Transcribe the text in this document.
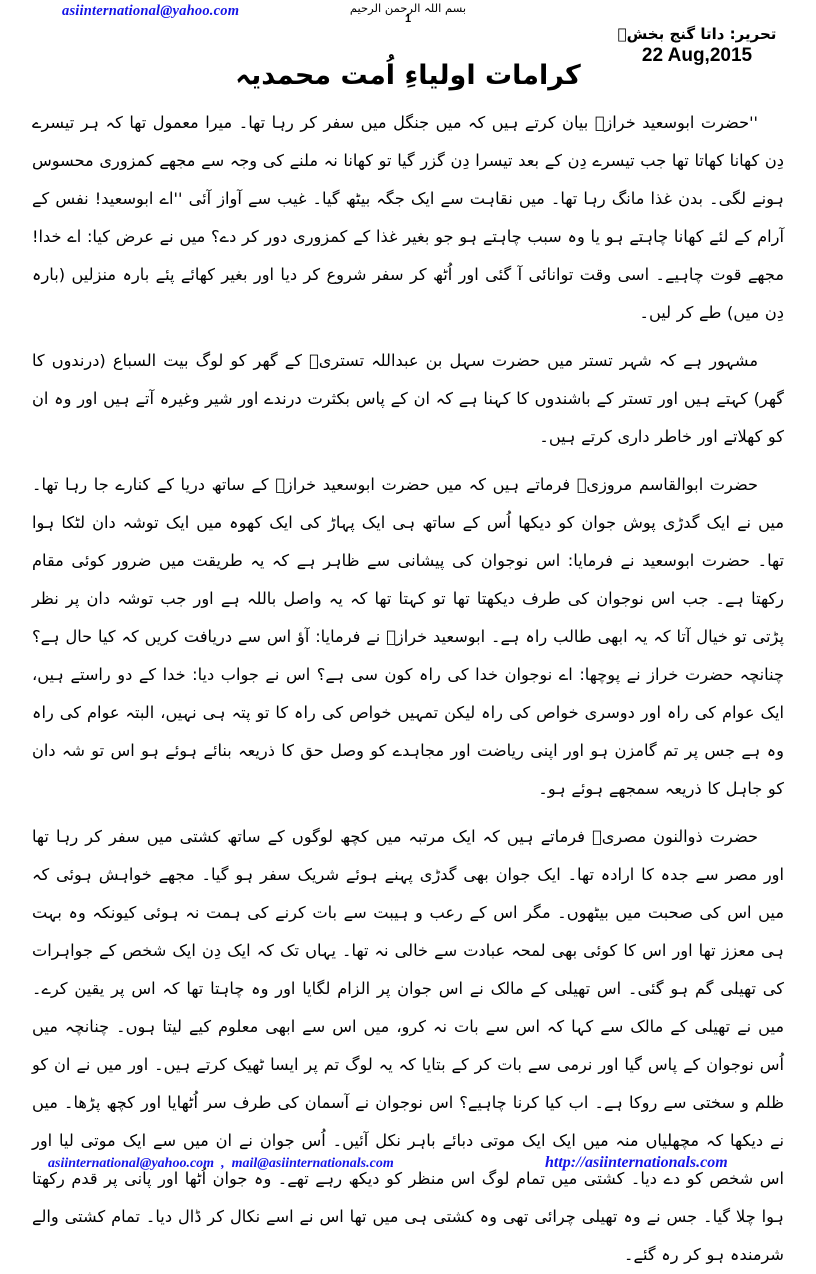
asiinternational@yahoo.com	بسم اللہ الرحمن الرحیم
1
تحریر: داتا گنج بخشؒ
22 Aug,2015
کرامات اولیاءِ اُمت محمدیہ

''حضرت ابوسعید خرازؒ بیان کرتے ہیں کہ میں جنگل میں سفر کر رہا تھا۔ میرا معمول تھا کہ ہر تیسرے دِن کھانا کھاتا تھا جب تیسرے دِن کے بعد تیسرا دِن گزر گیا تو کھانا نہ ملنے کی وجہ سے مجھے کمزوری محسوس ہونے لگی۔ بدن غذا مانگ رہا تھا۔ میں نقاہت سے ایک جگہ بیٹھ گیا۔ غیب سے آواز آئی ''اے ابوسعید! نفس کے آرام کے لئے کھانا چاہتے ہو یا وہ سبب چاہتے ہو جو بغیر غذا کے کمزوری دور کر دے؟ میں نے عرض کیا: اے خدا! مجھے قوت چاہیے۔ اسی وقت توانائی آ گئی اور اُٹھ کر سفر شروع کر دیا اور بغیر کھائے پئے بارہ منزلیں (بارہ دِن میں) طے کر لیں۔

مشہور ہے کہ شہر تستر میں حضرت سہل بن عبداللہ تستریؒ کے گھر کو لوگ بیت السباع (درندوں کا گھر) کہتے ہیں اور تستر کے باشندوں کا کہنا ہے کہ ان کے پاس بکثرت درندے اور شیر وغیرہ آتے ہیں اور وہ ان کو کھلاتے اور خاطر داری کرتے ہیں۔

حضرت ابوالقاسم مروزیؒ فرماتے ہیں کہ میں حضرت ابوسعید خرازؒ کے ساتھ دریا کے کنارے جا رہا تھا۔ میں نے ایک گدڑی پوش جوان کو دیکھا اُس کے ساتھ ہی ایک پہاڑ کی ایک کھوہ میں ایک توشہ دان لٹکا ہوا تھا۔ حضرت ابوسعید نے فرمایا: اس نوجوان کی پیشانی سے ظاہر ہے کہ یہ طریقت میں ضرور کوئی مقام رکھتا ہے۔ جب اس نوجوان کی طرف دیکھتا تھا تو کہتا تھا کہ یہ واصل باللہ ہے اور جب توشہ دان پر نظر پڑتی تو خیال آتا کہ یہ ابھی طالب راہ ہے۔ ابوسعید خرازؒ نے فرمایا: آؤ اس سے دریافت کریں کہ کیا حال ہے؟ چنانچہ حضرت خراز نے پوچھا: اے نوجوان خدا کی راہ کون سی ہے؟ اس نے جواب دیا: خدا کے دو راستے ہیں، ایک عوام کی راہ اور دوسری خواص کی راہ لیکن تمہیں خواص کی راہ کا تو پتہ ہی نہیں، البتہ عوام کی راہ وہ ہے جس پر تم گامزن ہو اور اپنی ریاضت اور مجاہدے کو وصل حق کا ذریعہ بنائے ہوئے ہو اس تو شہ دان کو جاہل کا ذریعہ سمجھے ہوئے ہو۔

حضرت ذوالنون مصریؒ فرماتے ہیں کہ ایک مرتبہ میں کچھ لوگوں کے ساتھ کشتی میں سفر کر رہا تھا اور مصر سے جدہ کا ارادہ تھا۔ ایک جوان بھی گدڑی پہنے ہوئے شریک سفر ہو گیا۔ مجھے خواہش ہوئی کہ میں اس کی صحبت میں بیٹھوں۔ مگر اس کے رعب و ہیبت سے بات کرنے کی ہمت نہ ہوئی کیونکہ وہ بہت ہی معزز تھا اور اس کا کوئی بھی لمحہ عبادت سے خالی نہ تھا۔ یہاں تک کہ ایک دِن ایک شخص کے جواہرات کی تھیلی گم ہو گئی۔ اس تھیلی کے مالک نے اس جوان پر الزام لگایا اور وہ چاہتا تھا کہ اس پر یقین کرے۔ میں نے تھیلی کے مالک سے کہا کہ اس سے بات نہ کرو، میں اس سے ابھی معلوم کیے لیتا ہوں۔ چنانچہ میں اُس نوجوان کے پاس گیا اور نرمی سے بات کر کے بتایا کہ یہ لوگ تم پر ایسا ٹھیک کرتے ہیں۔ اور میں نے ان کو ظلم و سختی سے روکا ہے۔ اب کیا کرنا چاہیے؟ اس نوجوان نے آسمان کی طرف سر اُٹھایا اور کچھ پڑھا۔ میں نے دیکھا کہ مچھلیاں منہ میں ایک ایک موتی دبائے باہر نکل آئیں۔ اُس جوان نے ان میں سے ایک موتی لیا اور اس شخص کو دے دیا۔ کشتی میں تمام لوگ اس منظر کو دیکھ رہے تھے۔ وہ جوان اُٹھا اور پانی پر قدم رکھتا ہوا چلا گیا۔ جس نے وہ تھیلی چرائی تھی وہ کشتی ہی میں تھا اس نے اسے نکال کر ڈال دیا۔ تمام کشتی والے شرمندہ ہو کر رہ گئے۔

asiinternational@yahoo.com , mail@asiinternationals.com	http://asiinternationals.com
